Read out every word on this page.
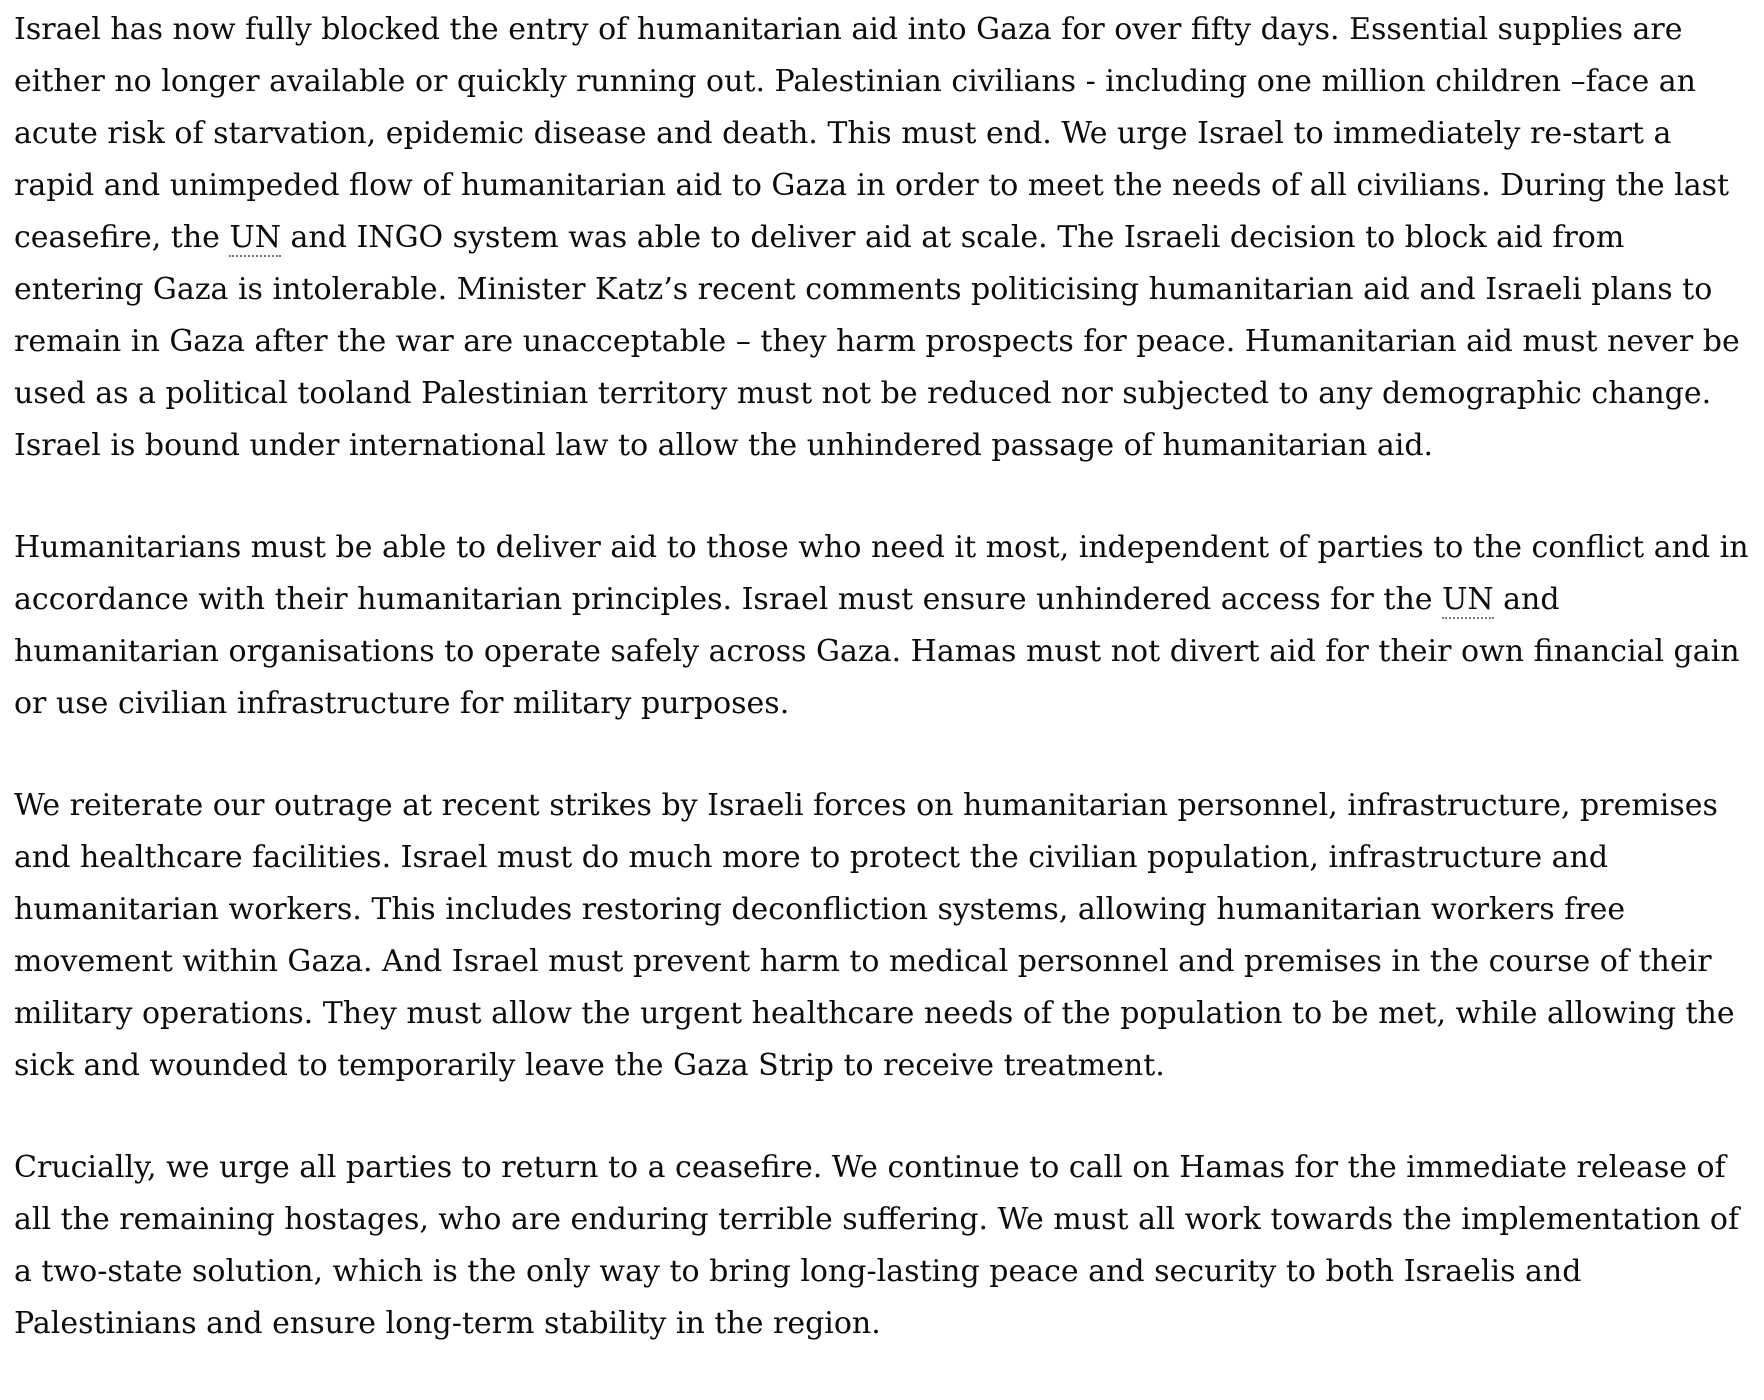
Israel has now fully blocked the entry of humanitarian aid into Gaza for over fifty days. Essential supplies are either no longer available or quickly running out. Palestinian civilians - including one million children –face an acute risk of starvation, epidemic disease and death. This must end. We urge Israel to immediately re-start a rapid and unimpeded flow of humanitarian aid to Gaza in order to meet the needs of all civilians. During the last ceasefire, the UN and INGO system was able to deliver aid at scale. The Israeli decision to block aid from entering Gaza is intolerable. Minister Katz’s recent comments politicising humanitarian aid and Israeli plans to remain in Gaza after the war are unacceptable – they harm prospects for peace. Humanitarian aid must never be used as a political tooland Palestinian territory must not be reduced nor subjected to any demographic change. Israel is bound under international law to allow the unhindered passage of humanitarian aid.

Humanitarians must be able to deliver aid to those who need it most, independent of parties to the conflict and in accordance with their humanitarian principles. Israel must ensure unhindered access for the UN and humanitarian organisations to operate safely across Gaza. Hamas must not divert aid for their own financial gain or use civilian infrastructure for military purposes.

We reiterate our outrage at recent strikes by Israeli forces on humanitarian personnel, infrastructure, premises and healthcare facilities. Israel must do much more to protect the civilian population, infrastructure and humanitarian workers. This includes restoring deconfliction systems, allowing humanitarian workers free movement within Gaza. And Israel must prevent harm to medical personnel and premises in the course of their military operations. They must allow the urgent healthcare needs of the population to be met, while allowing the sick and wounded to temporarily leave the Gaza Strip to receive treatment.

Crucially, we urge all parties to return to a ceasefire. We continue to call on Hamas for the immediate release of all the remaining hostages, who are enduring terrible suffering. We must all work towards the implementation of a two-state solution, which is the only way to bring long-lasting peace and security to both Israelis and Palestinians and ensure long-term stability in the region.
